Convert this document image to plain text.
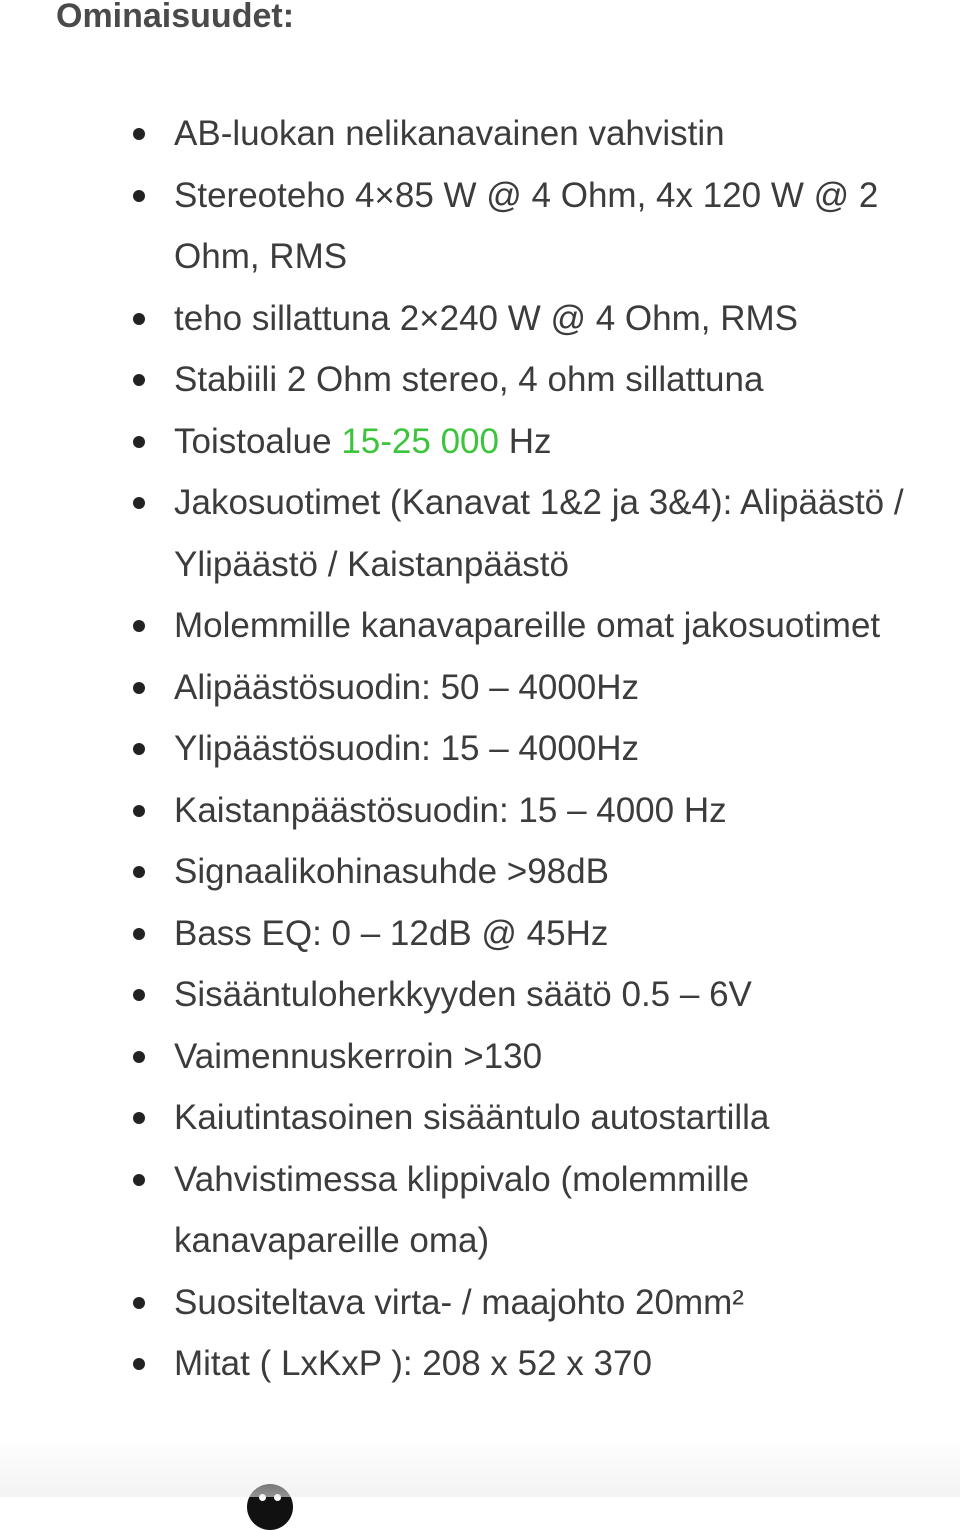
Ominaisuudet:
AB-luokan nelikanavainen vahvistin
Stereoteho 4×85 W @ 4 Ohm, 4x 120 W @ 2 Ohm, RMS
teho sillattuna 2×240 W @ 4 Ohm, RMS
Stabiili 2 Ohm stereo, 4 ohm sillattuna
Toistoalue 15-25 000 Hz
Jakosuotimet (Kanavat 1&2 ja 3&4): Alipäästö / Ylipäästö / Kaistanpäästö
Molemmille kanavapareille omat jakosuotimet
Alipäästösuodin: 50 – 4000Hz
Ylipäästösuodin: 15 – 4000Hz
Kaistanpäästösuodin: 15 – 4000 Hz
Signaalikohinasuhde >98dB
Bass EQ: 0 – 12dB @ 45Hz
Sisääntuloherkkyyden säätö 0.5 – 6V
Vaimennuskerroin >130
Kaiutintasoinen sisääntulo autostartilla
Vahvistimessa klippivalo (molemmille kanavapareille oma)
Suositeltava virta- / maajohto 20mm²
Mitat ( LxKxP ): 208 x 52 x 370
